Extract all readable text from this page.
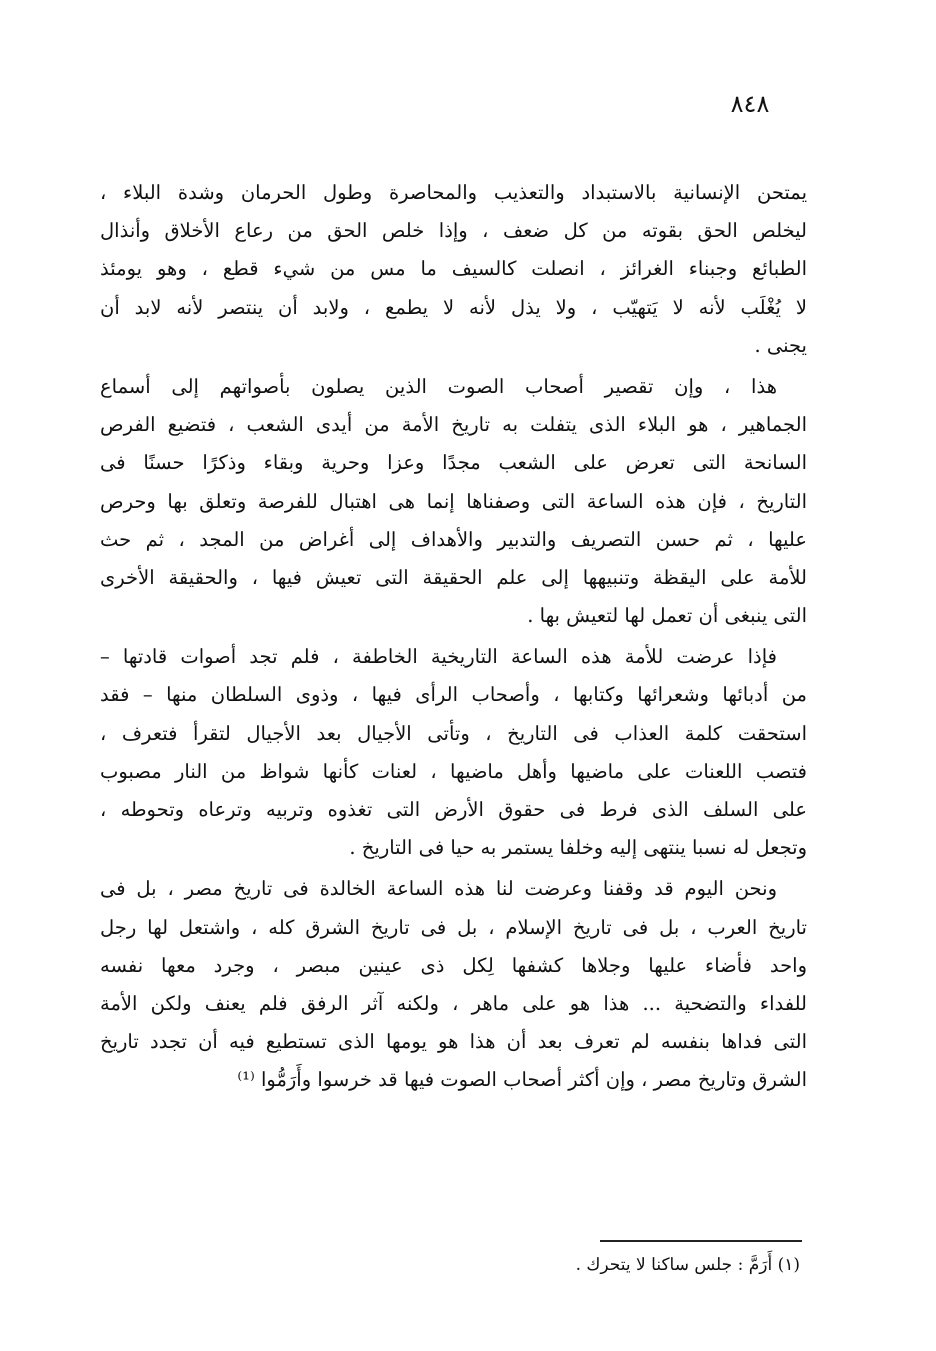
٨٤٨
يمتحن الإنسانية بالاستبداد والتعذيب والمحاصرة وطول الحرمان وشدة البلاء ،
ليخلص الحق بقوته من كل ضعف ، وإذا خلص الحق من رعاع الأخلاق وأنذال
الطبائع وجبناء الغرائز ، انصلت كالسيف ما مس من شيء قطع ، وهو يومئذ
لا يُغْلَب لأنه لا يَتهيّب ، ولا يذل لأنه لا يطمع ، ولابد أن ينتصر لأنه لابد أن
يجنى .
هذا ، وإن تقصير أصحاب الصوت الذين يصلون بأصواتهم إلى أسماع
الجماهير ، هو البلاء الذى يتفلت به تاريخ الأمة من أيدى الشعب ، فتضيع الفرص
السانحة التى تعرض على الشعب مجدًا وعزا وحرية وبقاء وذكرًا حسنًا فى
التاريخ ، فإن هذه الساعة التى وصفناها إنما هى اهتبال للفرصة وتعلق بها وحرص
عليها ، ثم حسن التصريف والتدبير والأهداف إلى أغراض من المجد ، ثم حث
للأمة على اليقظة وتنبيهها إلى علم الحقيقة التى تعيش فيها ، والحقيقة الأخرى
التى ينبغى أن تعمل لها لتعيش بها .
فإذا عرضت للأمة هذه الساعة التاريخية الخاطفة ، فلم تجد أصوات قادتها –
من أدبائها وشعرائها وكتابها ، وأصحاب الرأى فيها ، وذوى السلطان منها – فقد
استحقت كلمة العذاب فى التاريخ ، وتأتى الأجيال بعد الأجيال لتقرأ فتعرف ،
فتصب اللعنات على ماضيها وأهل ماضيها ، لعنات كأنها شواظ من النار مصبوب
على السلف الذى فرط فى حقوق الأرض التى تغذوه وتربيه وترعاه وتحوطه ،
وتجعل له نسبا ينتهى إليه وخلفا يستمر به حيا فى التاريخ .
ونحن اليوم قد وقفنا وعرضت لنا هذه الساعة الخالدة فى تاريخ مصر ، بل فى
تاريخ العرب ، بل فى تاريخ الإسلام ، بل فى تاريخ الشرق كله ، واشتعل لها رجل
واحد فأضاء عليها وجلاها كشفها لِكل ذى عينين مبصر ، وجرد معها نفسه
للفداء والتضحية ... هذا هو على ماهر ، ولكنه آثر الرفق فلم يعنف ولكن الأمة
التى فداها بنفسه لم تعرف بعد أن هذا هو يومها الذى تستطيع فيه أن تجدد تاريخ
الشرق وتاريخ مصر ، وإن أكثر أصحاب الصوت فيها قد خرسوا وأَرَمُّوا ⁽¹⁾
(١) أَرَمَّ : جلس ساكنا لا يتحرك .
